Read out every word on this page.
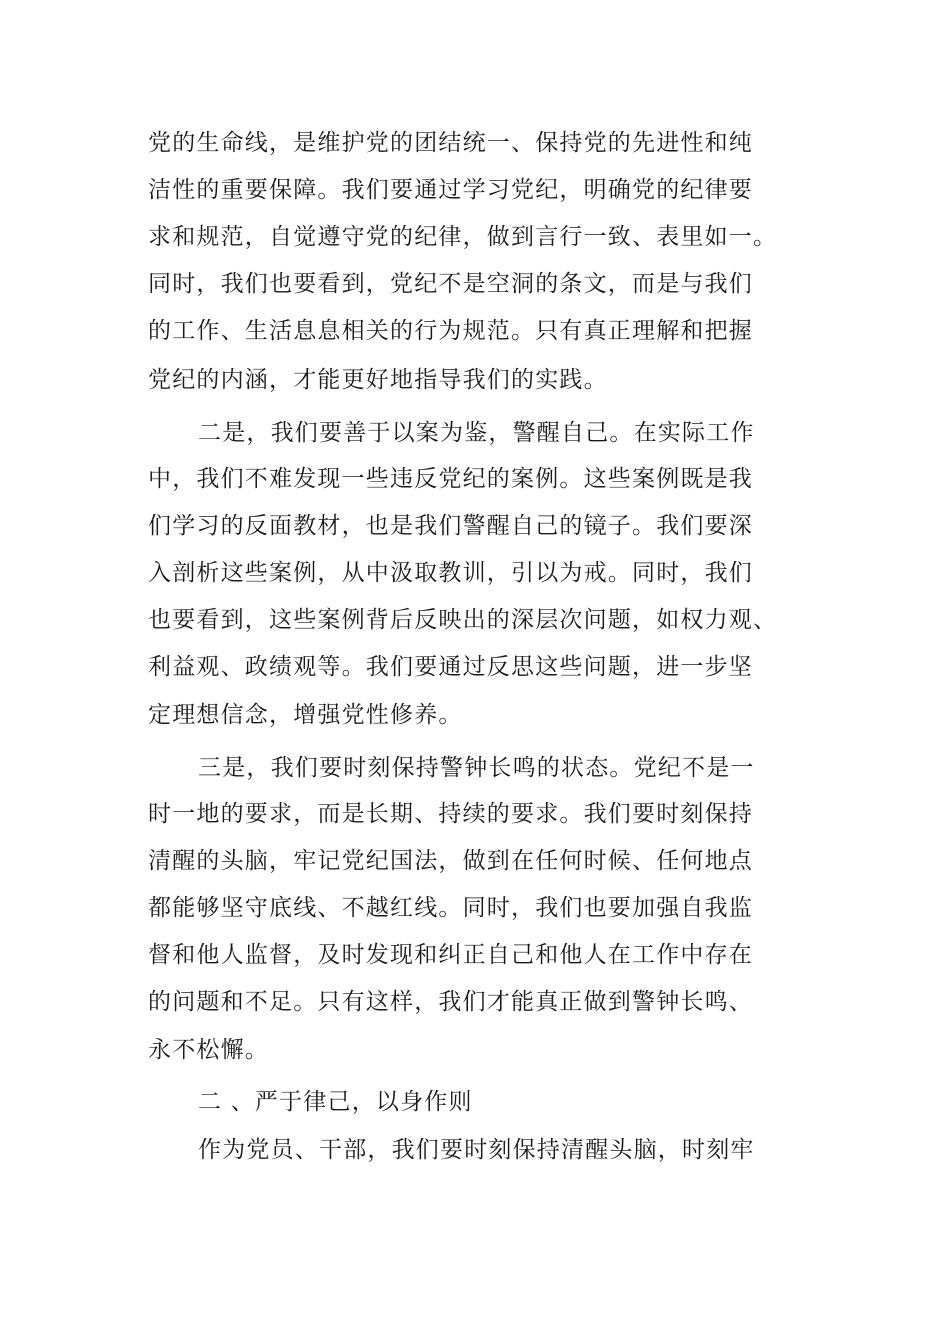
党的生命线，是维护党的团结统一、保持党的先进性和纯
洁性的重要保障。我们要通过学习党纪，明确党的纪律要
求和规范，自觉遵守党的纪律，做到言行一致、表里如一。
同时，我们也要看到，党纪不是空洞的条文，而是与我们
的工作、生活息息相关的行为规范。只有真正理解和把握
党纪的内涵，才能更好地指导我们的实践。
二是，我们要善于以案为鉴，警醒自己。在实际工作
中，我们不难发现一些违反党纪的案例。这些案例既是我
们学习的反面教材，也是我们警醒自己的镜子。我们要深
入剖析这些案例，从中汲取教训，引以为戒。同时，我们
也要看到，这些案例背后反映出的深层次问题，如权力观、
利益观、政绩观等。我们要通过反思这些问题，进一步坚
定理想信念，增强党性修养。
三是，我们要时刻保持警钟长鸣的状态。党纪不是一
时一地的要求，而是长期、持续的要求。我们要时刻保持
清醒的头脑，牢记党纪国法，做到在任何时候、任何地点
都能够坚守底线、不越红线。同时，我们也要加强自我监
督和他人监督，及时发现和纠正自己和他人在工作中存在
的问题和不足。只有这样，我们才能真正做到警钟长鸣、
永不松懈。
二 、严于律己，以身作则
作为党员、干部，我们要时刻保持清醒头脑，时刻牢
